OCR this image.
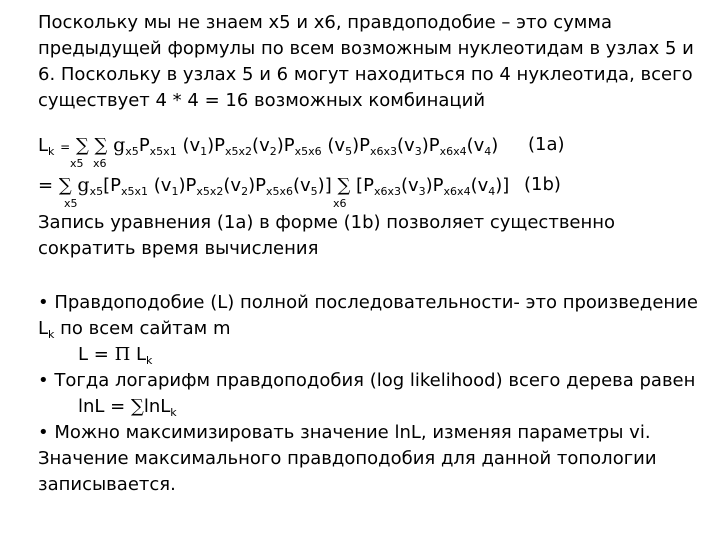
Поскольку мы не знаем x5 и x6, правдоподобие – это сумма

предыдущей формулы по всем возможным нуклеотидам в узлах 5 и

6. Поскольку в узлах 5 и 6 могут находиться по 4 нуклеотида, всего

существует 4 * 4 = 16 возможных комбинаций

$L_k$ = ∑ ∑ $g_{x5}P_{x5x1}$ $(v_1)P_{x5x2}(v_2)P_{x5x6}$ $(v_5)P_{x6x3}(v_3)P_{x6x4}(v_4)$ (1a)
x5 x6
= ∑ $g_{x5}[P_{x5x1}$ $(v_1)P_{x5x2}(v_2)P_{x5x6}(v_5)$] ∑ $[P_{x6x3}(v_3)P_{x6x4}(v_4)]$ (1b)
x5	x6

Запись уравнения (1a) в форме (1b) позволяет существенно

сократить время вычисления

• Правдоподобие (L) полной последовательности- это произведение

$L_k$ по всем сайтам m

L = Π $L_k$
• Тогда логарифм правдоподобия (log likelihood) всего дерева равен
lnL = ∑lnL$_k$
• Можно максимизировать значение lnL, изменяя параметры vi.

Значение максимального правдоподобия для данной топологии

записывается.
